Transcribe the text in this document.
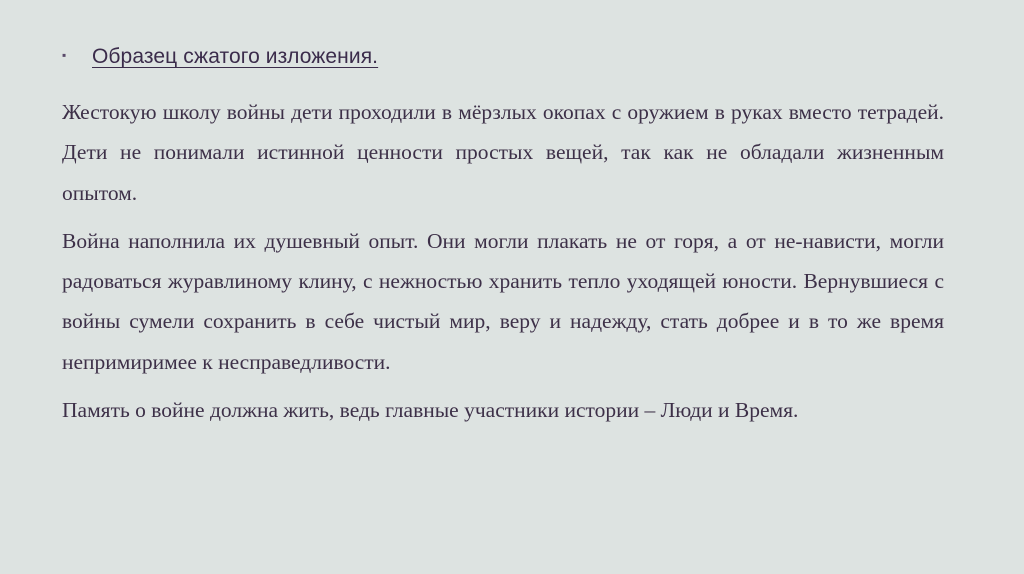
▪	Образец сжатого изложения.

Жестокую школу войны дети проходили в мёрзлых окопах с оружием в руках вместо тетрадей. Дети не понимали истинной ценности простых вещей, так как не обладали жизненным опытом.

Война наполнила их душевный опыт. Они могли плакать не от горя, а от не-нависти, могли радоваться журавлиному клину, с нежностью хранить тепло уходящей юности. Вернувшиеся с войны сумели сохранить в себе чистый мир, веру и надежду, стать добрее и в то же время непримиримее к несправедливости.

Память о войне должна жить, ведь главные участники истории – Люди и Время.
